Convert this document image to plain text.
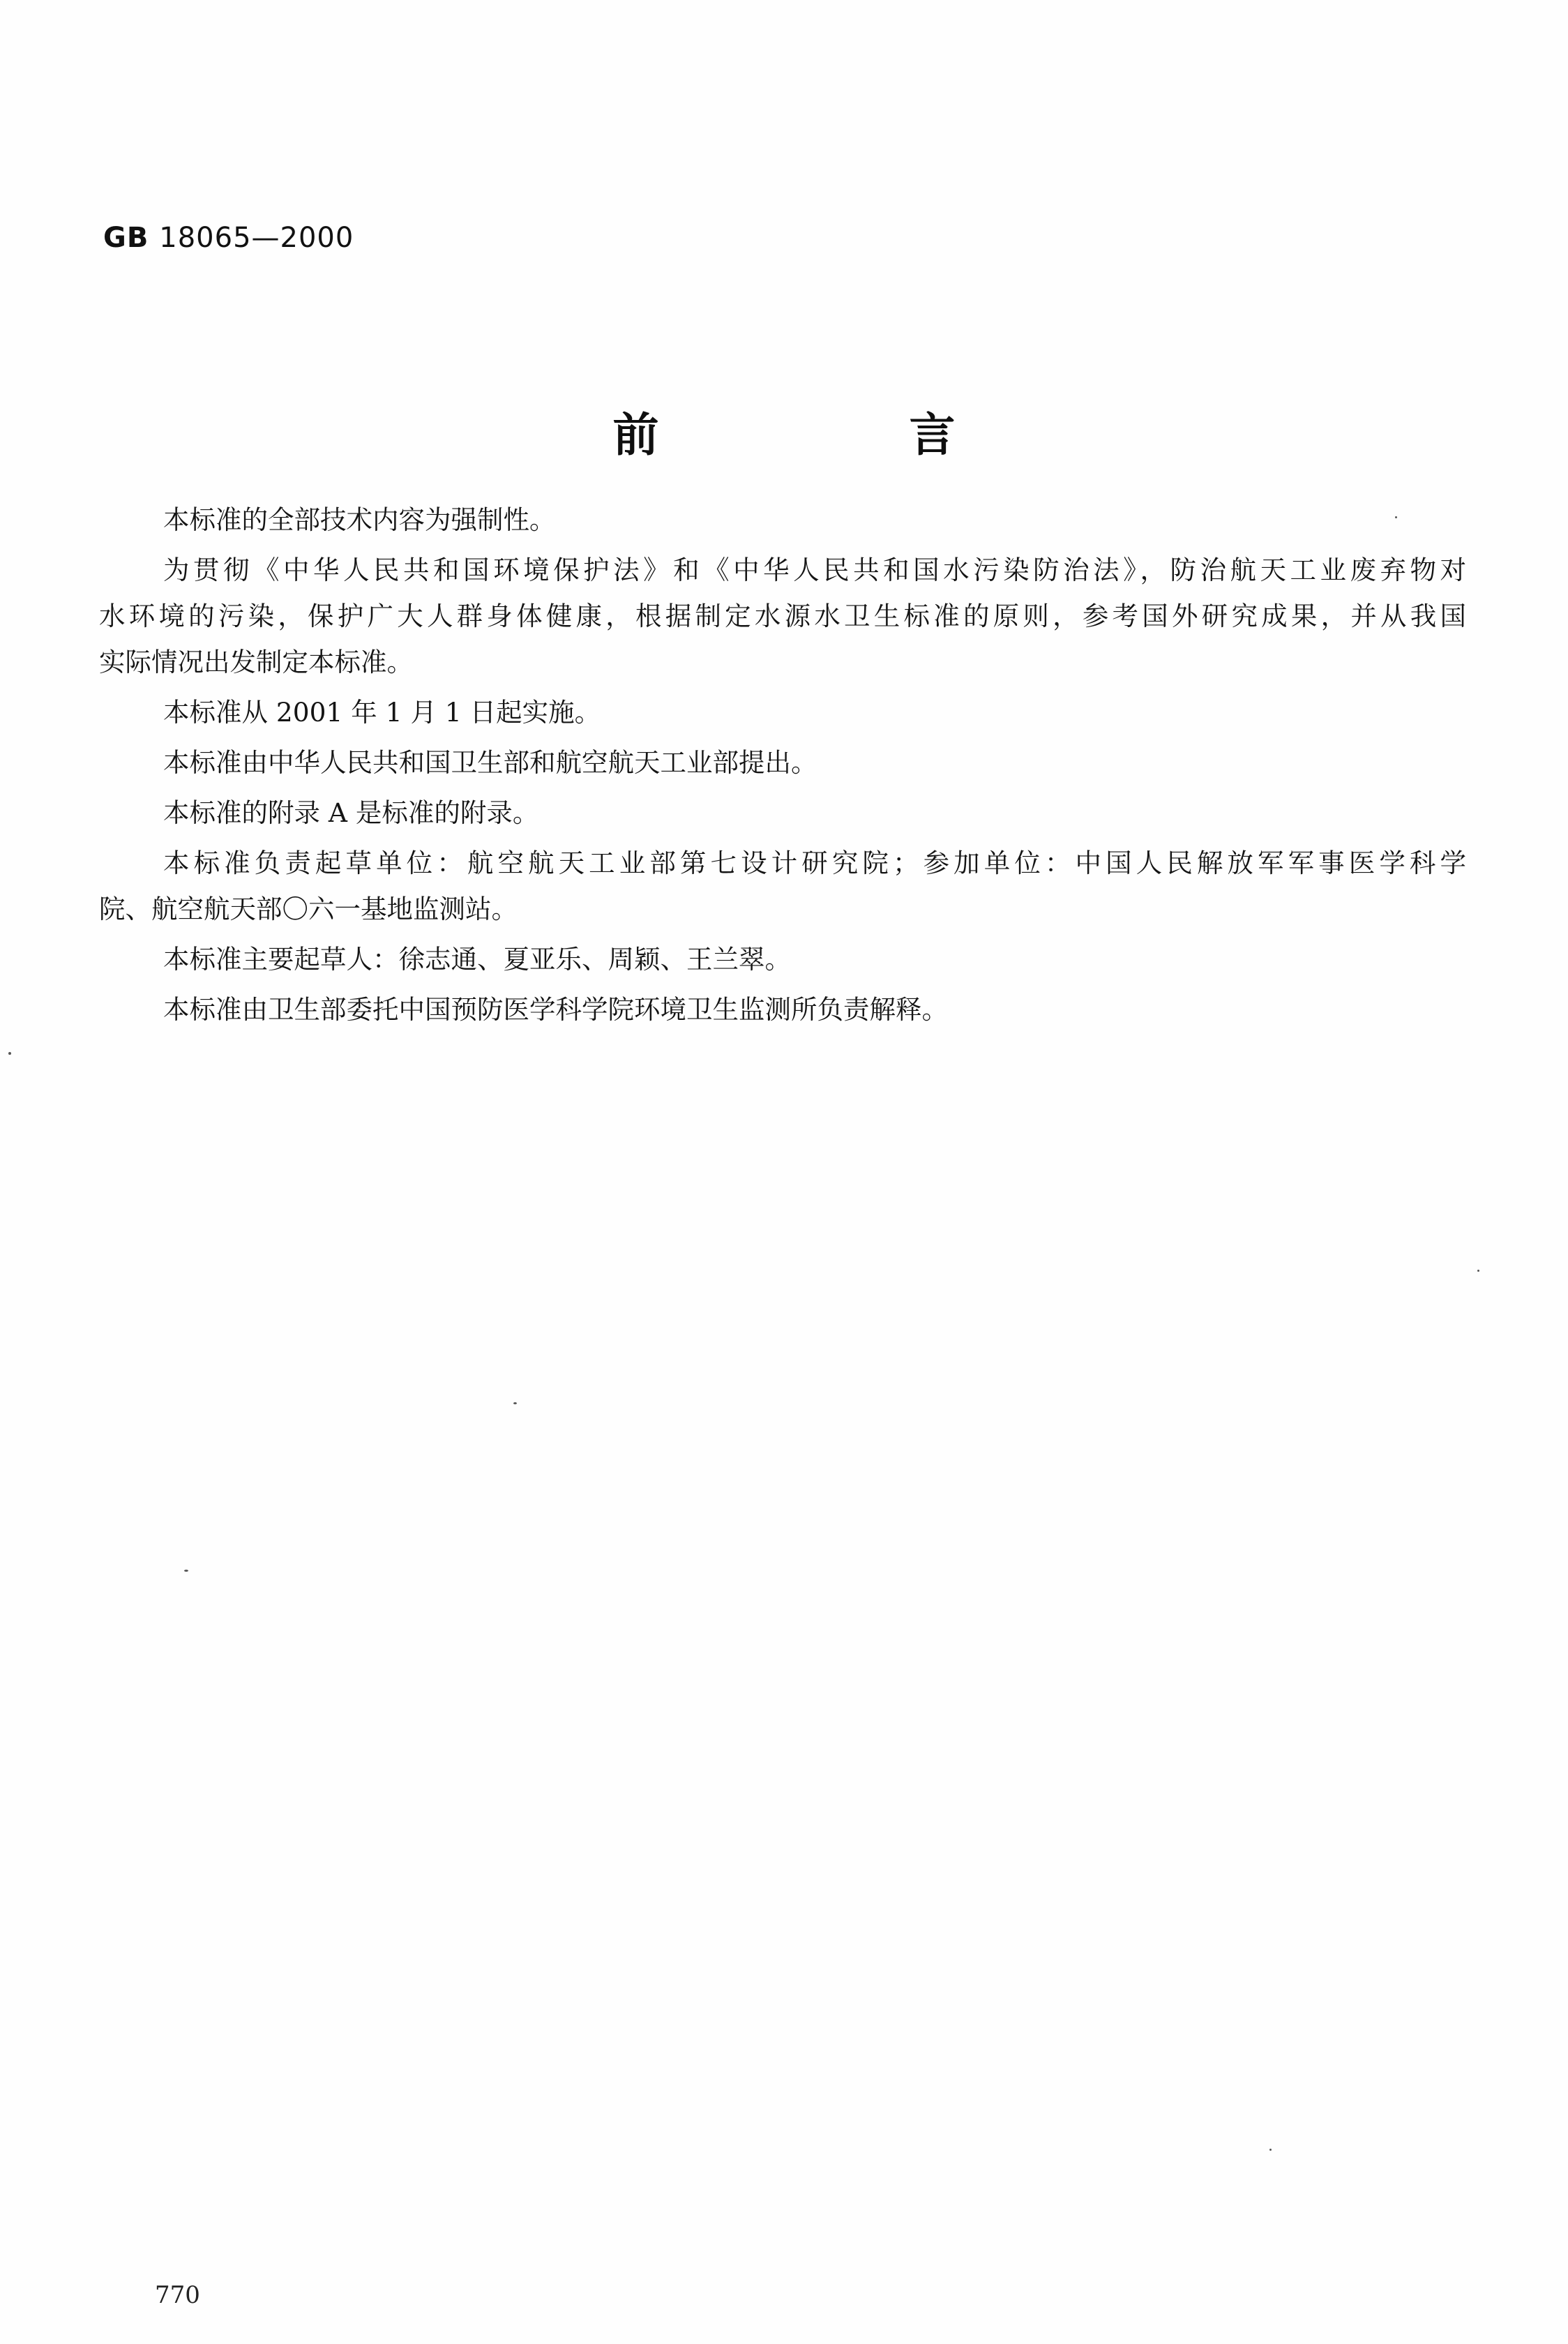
GB 18065—2000
前 言
本标准的全部技术内容为强制性。
为贯彻《中华人民共和国环境保护法》和《中华人民共和国水污染防治法》，防治航天工业废弃物对
水环境的污染，保护广大人群身体健康，根据制定水源水卫生标准的原则，参考国外研究成果，并从我国
实际情况出发制定本标准。
本标准从 2001 年 1 月 1 日起实施。
本标准由中华人民共和国卫生部和航空航天工业部提出。
本标准的附录 A 是标准的附录。
本标准负责起草单位：航空航天工业部第七设计研究院；参加单位：中国人民解放军军事医学科学
院、航空航天部〇六一基地监测站。
本标准主要起草人：徐志通、夏亚乐、周颖、王兰翠。
本标准由卫生部委托中国预防医学科学院环境卫生监测所负责解释。
770
